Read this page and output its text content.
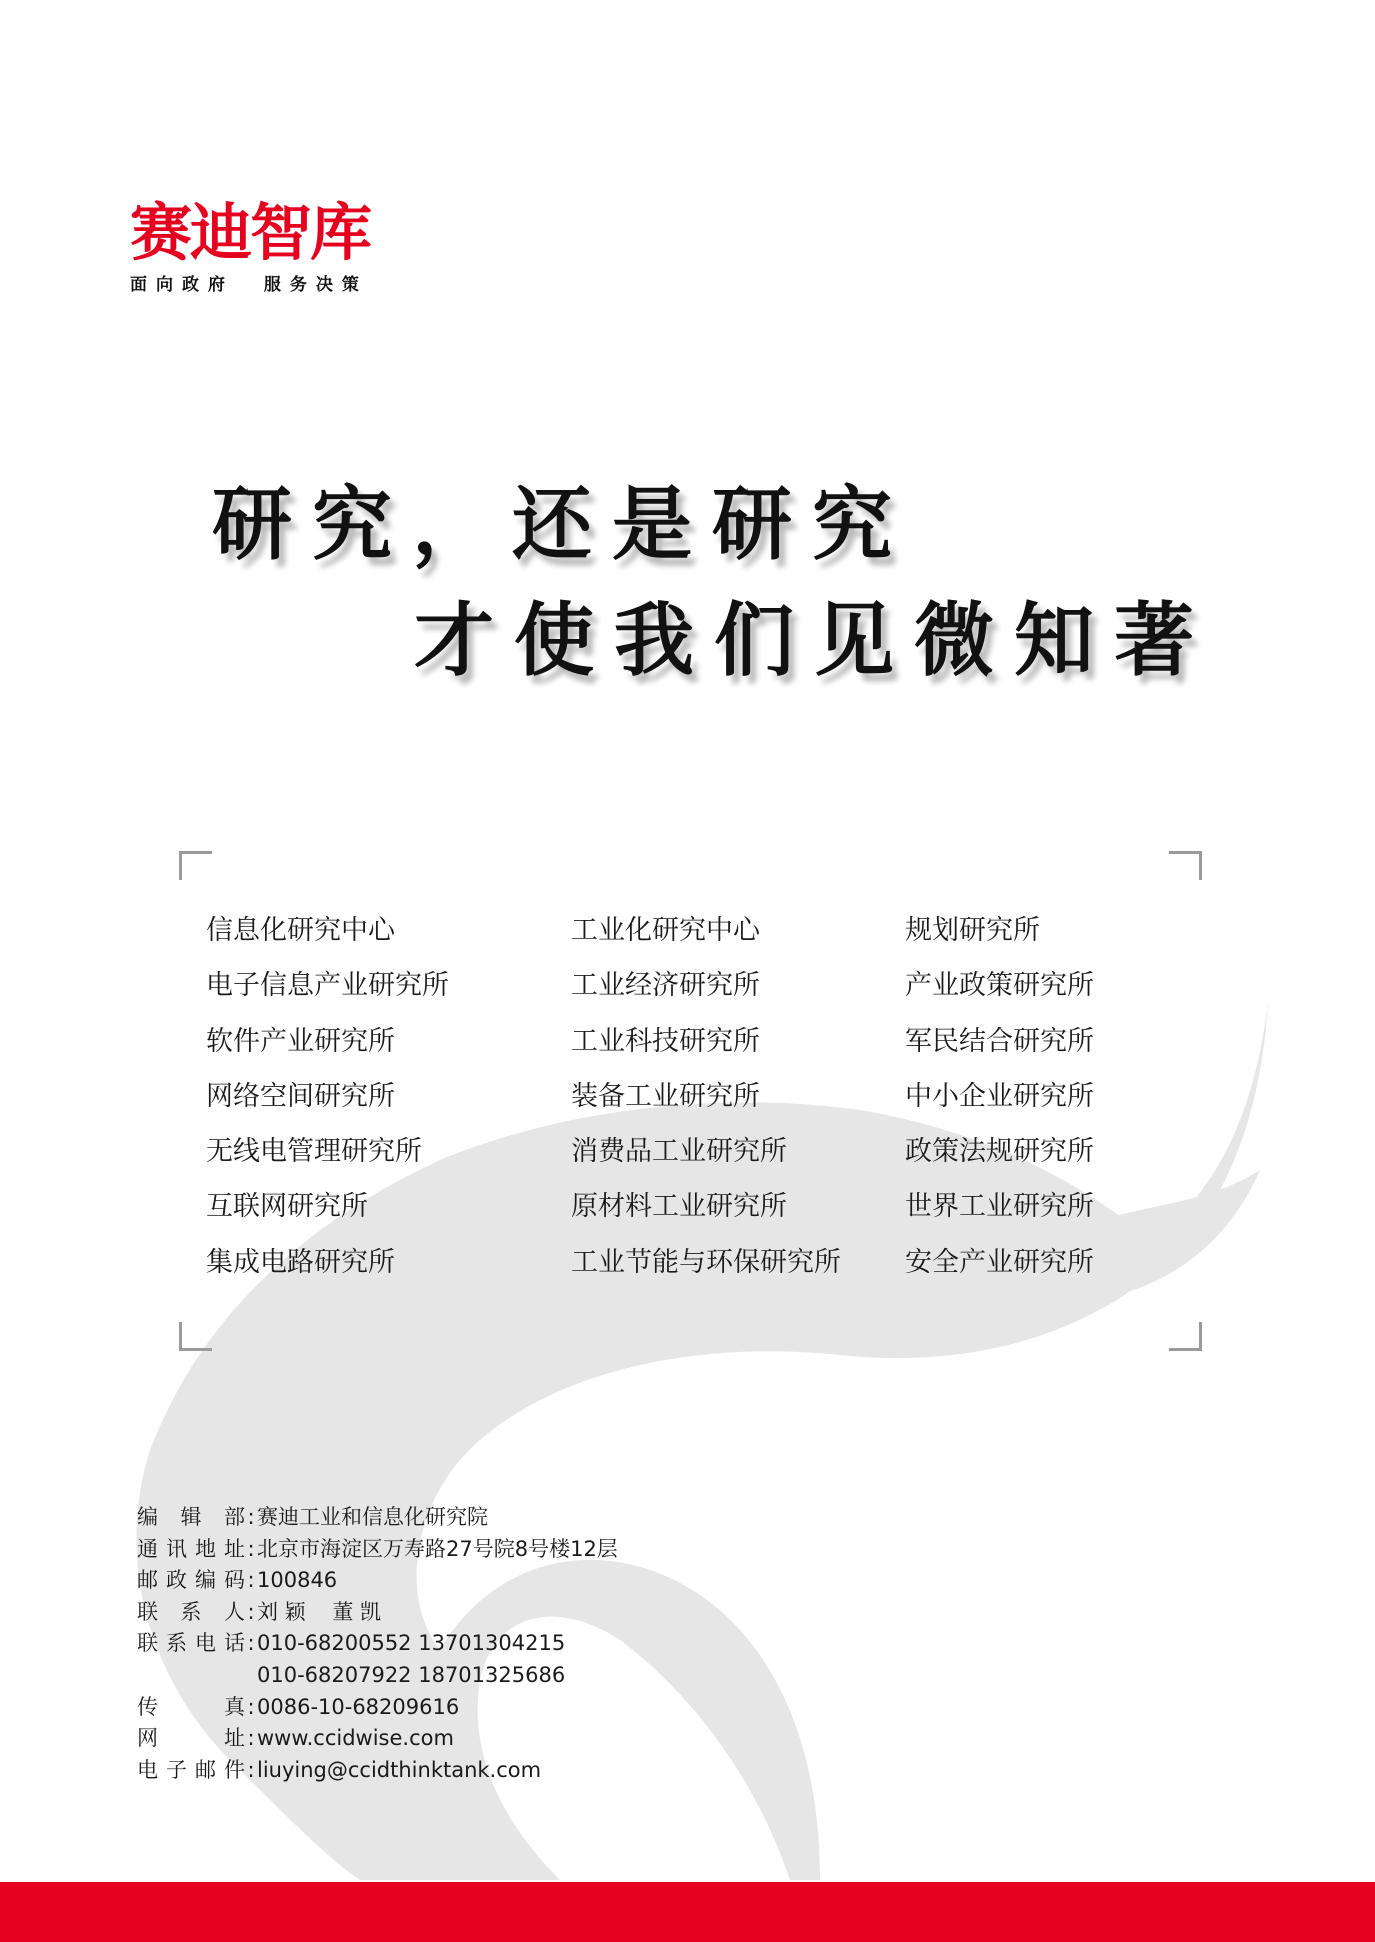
赛迪智库
面向政府  服务决策
研究，还是研究
才使我们见微知著
信息化研究中心
电子信息产业研究所
软件产业研究所
网络空间研究所
无线电管理研究所
互联网研究所
集成电路研究所
工业化研究中心
工业经济研究所
工业科技研究所
装备工业研究所
消费品工业研究所
原材料工业研究所
工业节能与环保研究所
规划研究所
产业政策研究所
军民结合研究所
中小企业研究所
政策法规研究所
世界工业研究所
安全产业研究所
编辑部 : 赛迪工业和信息化研究院
通讯地址 : 北京市海淀区万寿路27号院8号楼12层
邮政编码 : 100846
联系人 : 刘 颖    董 凯
联系电话 : 010-68200552 13701304215
010-68207922 18701325686
传真 : 0086-10-68209616
网址 : www.ccidwise.com
电子邮件 : liuying@ccidthinktank.com
